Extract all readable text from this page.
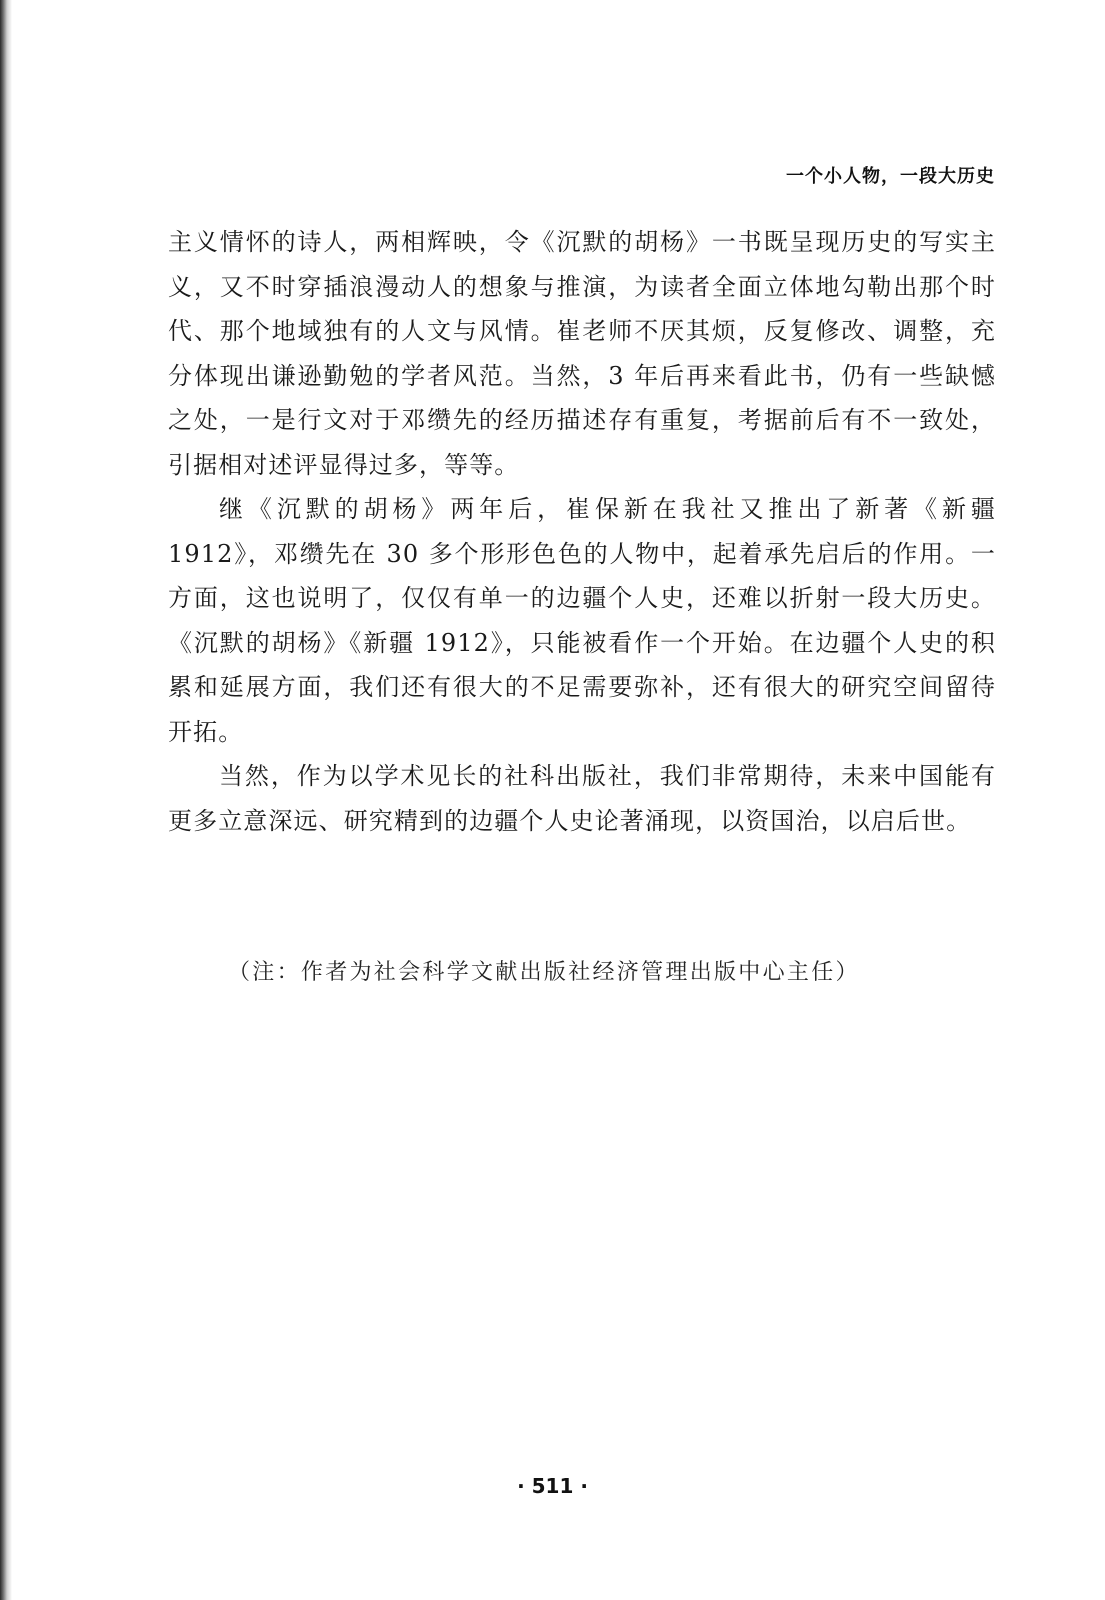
一个小人物，一段大历史

主义情怀的诗人，两相辉映，令《沉默的胡杨》一书既呈现历史的写实主义，又不时穿插浪漫动人的想象与推演，为读者全面立体地勾勒出那个时代、那个地域独有的人文与风情。崔老师不厌其烦，反复修改、调整，充分体现出谦逊勤勉的学者风范。当然，3 年后再来看此书，仍有一些缺憾之处，一是行文对于邓缵先的经历描述存有重复，考据前后有不一致处，引据相对述评显得过多，等等。

继《沉默的胡杨》两年后，崔保新在我社又推出了新著《新疆1912》，邓缵先在 30 多个形形色色的人物中，起着承先启后的作用。一方面，这也说明了，仅仅有单一的边疆个人史，还难以折射一段大历史。《沉默的胡杨》《新疆 1912》，只能被看作一个开始。在边疆个人史的积累和延展方面，我们还有很大的不足需要弥补，还有很大的研究空间留待开拓。

当然，作为以学术见长的社科出版社，我们非常期待，未来中国能有更多立意深远、研究精到的边疆个人史论著涌现，以资国治，以启后世。

（注：作者为社会科学文献出版社经济管理出版中心主任）
· 511 ·
